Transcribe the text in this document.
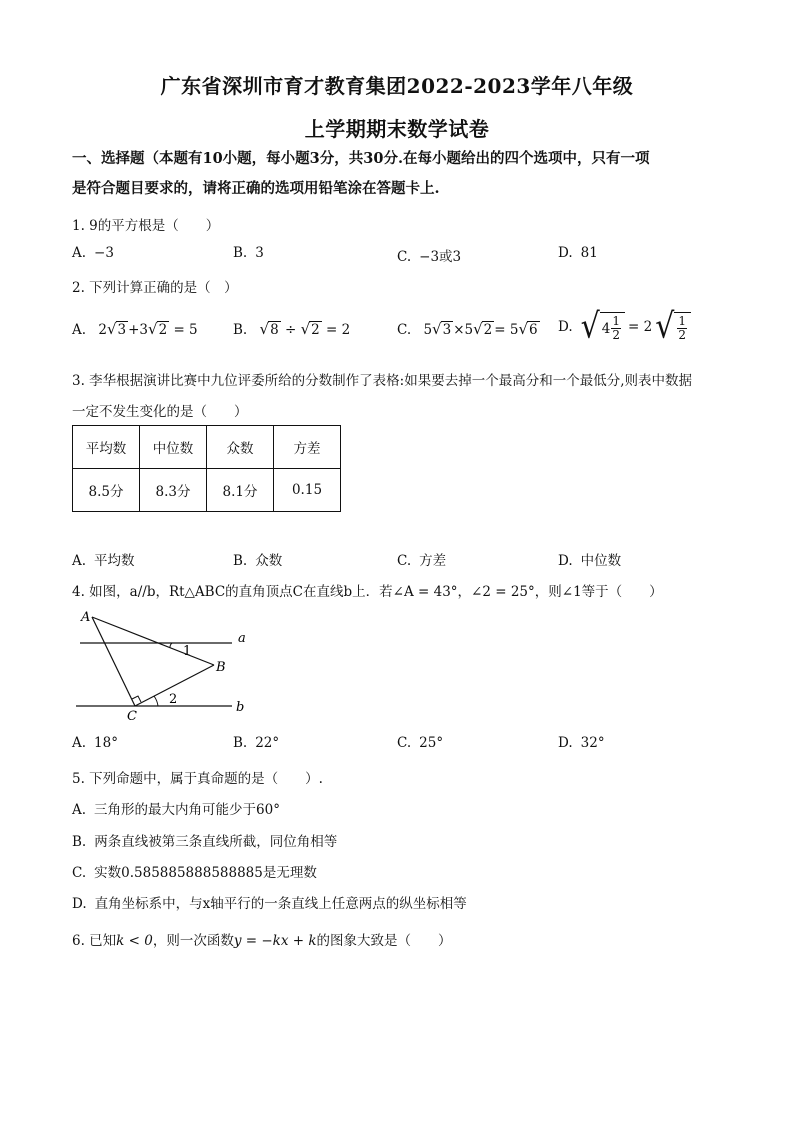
广东省深圳市育才教育集团2022-2023学年八年级
上学期期末数学试卷
一、选择题（本题有10小题，每小题3分，共30分.在每小题给出的四个选项中，只有一项
是符合题目要求的，请将正确的选项用铅笔涂在答题卡上.
1. 9的平方根是（　　）
A. −3	B. 3	C. −3或3	D. 81
2. 下列计算正确的是（　）
A. 2√3 +3√2 = 5	B. √8 ÷ √2 = 2	C. 5√3 ×5√2 = 5√6 D. √ $4 \frac{1}{2} = 2$ √ $\frac{1}{2}$
3. 李华根据演讲比赛中九位评委所给的分数制作了表格:如果要去掉一个最高分和一个最低分,则表中数据
一定不发生变化的是（　　）
平均数	中位数	众数	方差
8.5分	8.3分	8.1分	0.15
A. 平均数	B. 众数	C. 方差	D. 中位数
4. 如图，a//b，Rt△ABC的直角顶点C在直线b上．若∠A = 43°，∠2 = 25°，则∠1等于（　　）
A
B
C
a
b
1
2
A. 18°	B. 22°	C. 25°	D. 32°
5. 下列命题中，属于真命题的是（　　）.
A. 三角形的最大内角可能少于60°
B. 两条直线被第三条直线所截，同位角相等
C. 实数0.585885888588885是无理数
D. 直角坐标系中，与x轴平行的一条直线上任意两点的纵坐标相等
6. 已知k < 0，则一次函数y = −kx + k的图象大致是（　　）
